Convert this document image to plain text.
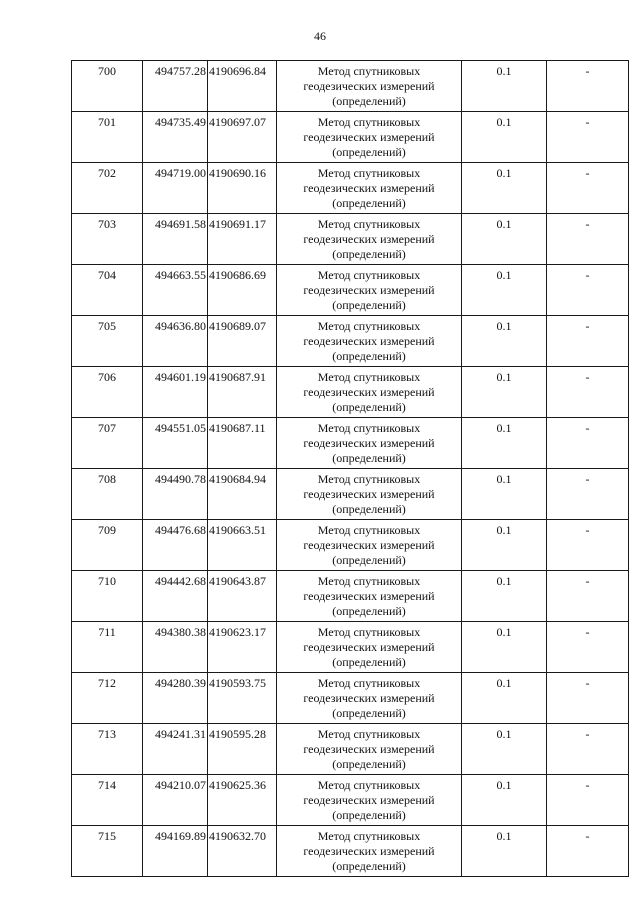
46
700	494757.28	4190696.84	Метод спутниковых
геодезических измерений
(определений)	0.1	-
701	494735.49	4190697.07	Метод спутниковых
геодезических измерений
(определений)	0.1	-
702	494719.00	4190690.16	Метод спутниковых
геодезических измерений
(определений)	0.1	-
703	494691.58	4190691.17	Метод спутниковых
геодезических измерений
(определений)	0.1	-
704	494663.55	4190686.69	Метод спутниковых
геодезических измерений
(определений)	0.1	-
705	494636.80	4190689.07	Метод спутниковых
геодезических измерений
(определений)	0.1	-
706	494601.19	4190687.91	Метод спутниковых
геодезических измерений
(определений)	0.1	-
707	494551.05	4190687.11	Метод спутниковых
геодезических измерений
(определений)	0.1	-
708	494490.78	4190684.94	Метод спутниковых
геодезических измерений
(определений)	0.1	-
709	494476.68	4190663.51	Метод спутниковых
геодезических измерений
(определений)	0.1	-
710	494442.68	4190643.87	Метод спутниковых
геодезических измерений
(определений)	0.1	-
711	494380.38	4190623.17	Метод спутниковых
геодезических измерений
(определений)	0.1	-
712	494280.39	4190593.75	Метод спутниковых
геодезических измерений
(определений)	0.1	-
713	494241.31	4190595.28	Метод спутниковых
геодезических измерений
(определений)	0.1	-
714	494210.07	4190625.36	Метод спутниковых
геодезических измерений
(определений)	0.1	-
715	494169.89	4190632.70	Метод спутниковых
геодезических измерений
(определений)	0.1	-
